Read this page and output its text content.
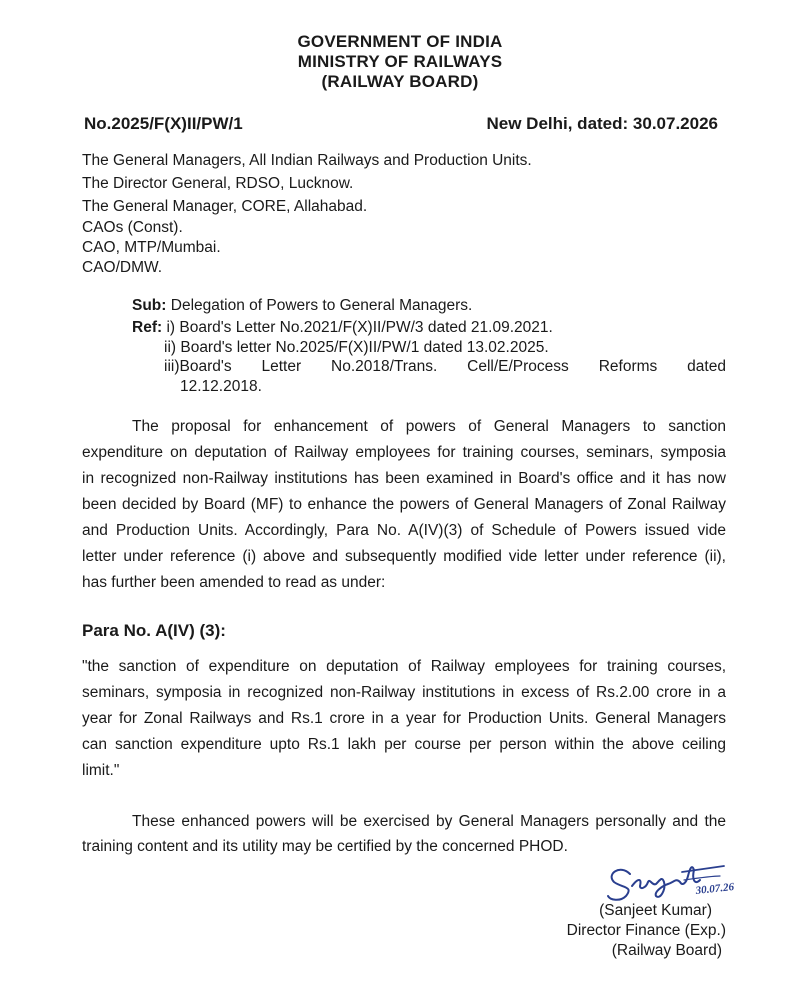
GOVERNMENT OF INDIA
MINISTRY OF RAILWAYS
(RAILWAY BOARD)
No.2025/F(X)II/PW/1	New Delhi, dated: 30.07.2026
The General Managers, All Indian Railways and Production Units.
The Director General, RDSO, Lucknow.
The General Manager, CORE, Allahabad.
CAOs (Const).
CAO, MTP/Mumbai.
CAO/DMW.
Sub: Delegation of Powers to General Managers.
Ref: i) Board's Letter No.2021/F(X)II/PW/3 dated 21.09.2021.
ii) Board's letter No.2025/F(X)II/PW/1 dated 13.02.2025.
iii)Board's Letter No.2018/Trans. Cell/E/Process Reforms dated
12.12.2018.
The proposal for enhancement of powers of General Managers to sanction
expenditure on deputation of Railway employees for training courses, seminars, symposia
in recognized non-Railway institutions has been examined in Board's office and it has now
been decided by Board (MF) to enhance the powers of General Managers of Zonal Railway
and Production Units. Accordingly, Para No. A(IV)(3) of Schedule of Powers issued vide
letter under reference (i) above and subsequently modified vide letter under reference (ii),
has further been amended to read as under:
Para No. A(IV) (3):
"the sanction of expenditure on deputation of Railway employees for training courses,
seminars, symposia in recognized non-Railway institutions in excess of Rs.2.00 crore in a
year for Zonal Railways and Rs.1 crore in a year for Production Units. General Managers
can sanction expenditure upto Rs.1 lakh per course per person within the above ceiling
limit."
These enhanced powers will be exercised by General Managers personally and the
training content and its utility may be certified by the concerned PHOD.
30.07.26
(Sanjeet Kumar)
Director Finance (Exp.)
(Railway Board)
